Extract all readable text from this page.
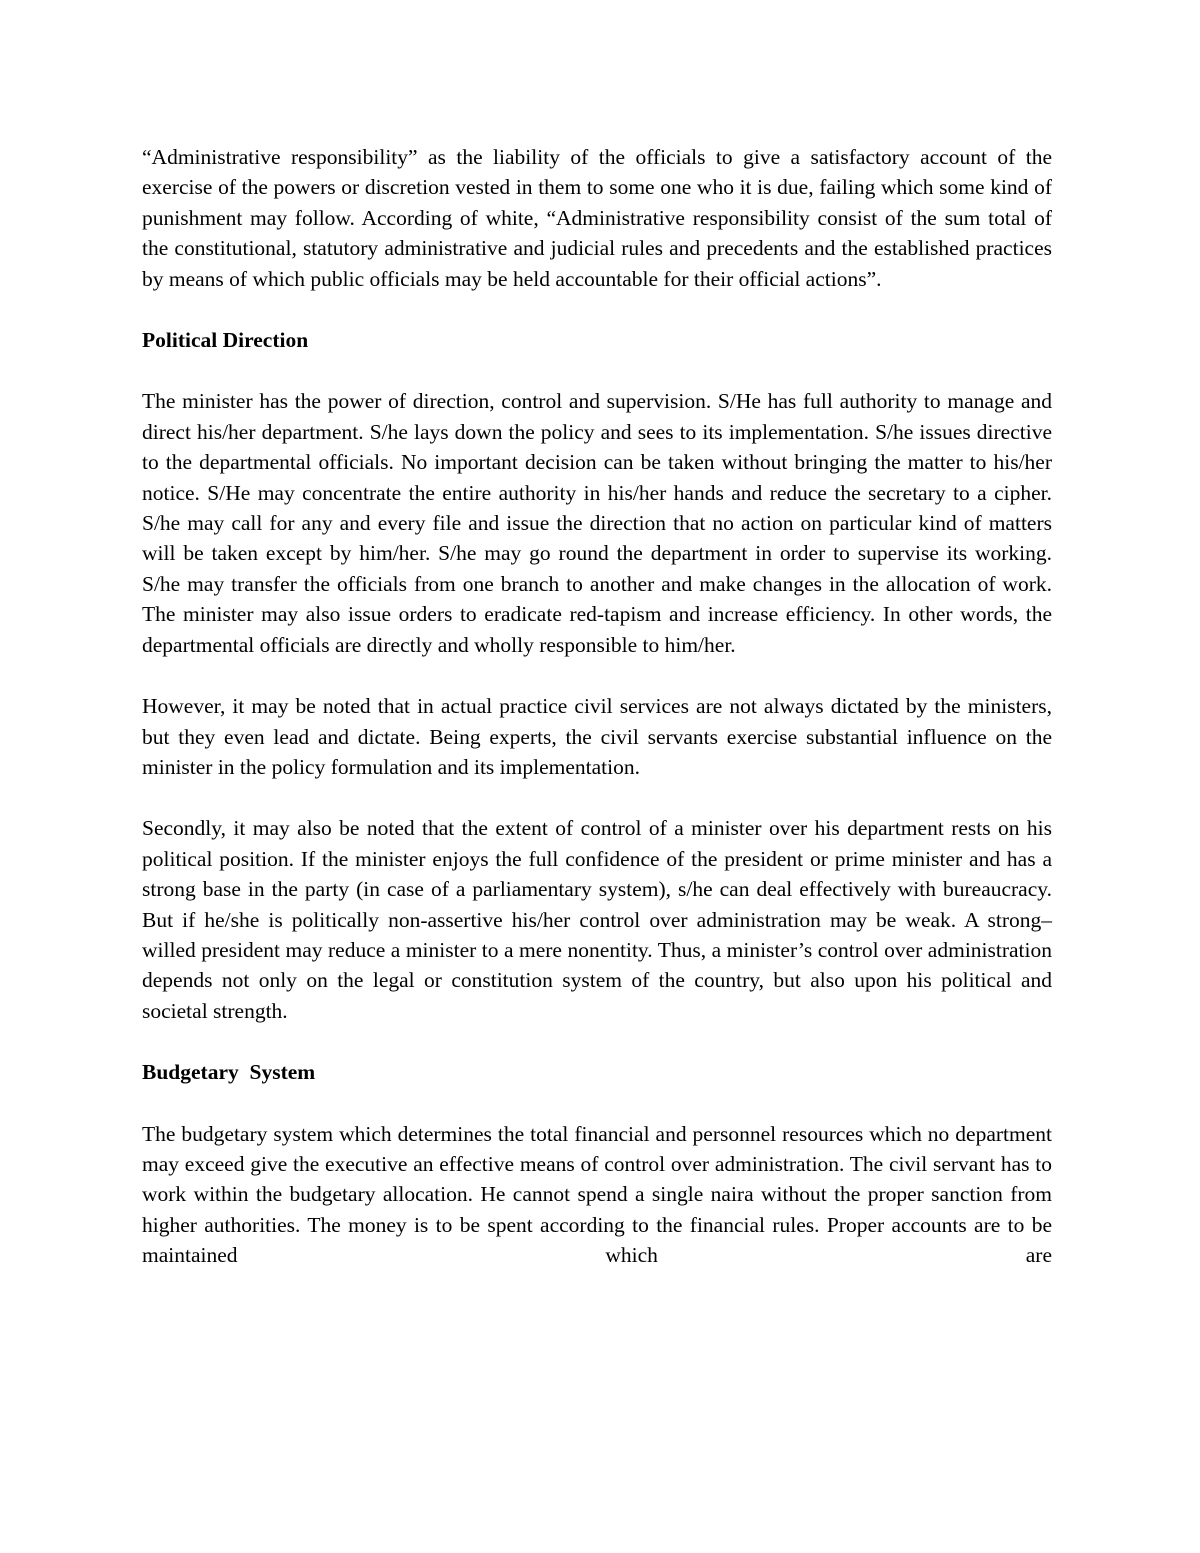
“Administrative responsibility” as the liability of the officials to give a satisfactory account of the exercise of the powers or discretion vested in them to some one who it is due, failing which some kind of punishment may follow. According of white, “Administrative responsibility consist of the sum total of the constitutional, statutory administrative and judicial rules and precedents and the established practices by means of which public officials may be held accountable for their official actions”.

Political Direction

The minister has the power of direction, control and supervision. S/He has full authority to manage and direct his/her department. S/he lays down the policy and sees to its implementation. S/he issues directive to the departmental officials. No important decision can be taken without bringing the matter to his/her notice. S/He may concentrate the entire authority in his/her hands and reduce the secretary to a cipher. S/he may call for any and every file and issue the direction that no action on particular kind of matters will be taken except by him/her. S/he may go round the department in order to supervise its working. S/he may transfer the officials from one branch to another and make changes in the allocation of work. The minister may also issue orders to eradicate red-tapism and increase efficiency. In other words, the departmental officials are directly and wholly responsible to him/her.

However, it may be noted that in actual practice civil services are not always dictated by the ministers, but they even lead and dictate. Being experts, the civil servants exercise substantial influence on the minister in the policy formulation and its implementation.

Secondly, it may also be noted that the extent of control of a minister over his department rests on his political position. If the minister enjoys the full confidence of the president or prime minister and has a strong base in the party (in case of a parliamentary system), s/he can deal effectively with bureaucracy. But if he/she is politically non-assertive his/her control over administration may be weak. A strong–willed president may reduce a minister to a mere nonentity. Thus, a minister’s control over administration depends not only on the legal or constitution system of the country, but also upon his political and societal strength.

Budgetary  System

The budgetary system which determines the total financial and personnel resources which no department may exceed give the executive an effective means of control over administration. The civil servant has to work within the budgetary allocation. He cannot spend a single naira without the proper sanction from higher authorities. The money is to be spent according to the financial rules. Proper accounts are to be maintained which are
